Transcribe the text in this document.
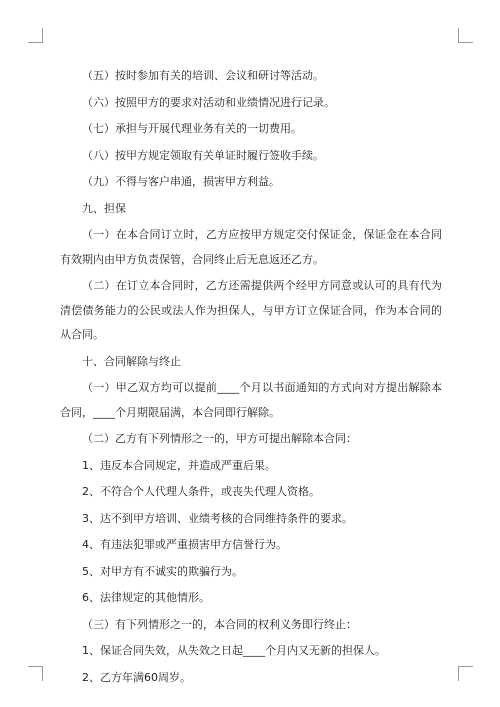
（五）按时参加有关的培训、会议和研讨等活动。

（六）按照甲方的要求对活动和业绩情况进行记录。

（七）承担与开展代理业务有关的一切费用。

（八）按甲方规定领取有关单证时履行签收手续。

（九）不得与客户串通，损害甲方利益。

九、担保

（一）在本合同订立时，乙方应按甲方规定交付保证金，保证金在本合同有效期内由甲方负责保管，合同终止后无息返还乙方。

（二）在订立本合同时，乙方还需提供两个经甲方同意或认可的具有代为清偿债务能力的公民或法人作为担保人，与甲方订立保证合同，作为本合同的从合同。

十、合同解除与终止

（一）甲乙双方均可以提前____个月以书面通知的方式向对方提出解除本合同，____个月期限届满，本合同即行解除。

（二）乙方有下列情形之一的，甲方可提出解除本合同：

1、违反本合同规定，并造成严重后果。

2、不符合个人代理人条件，或丧失代理人资格。

3、达不到甲方培训、业绩考核的合同维持条件的要求。

4、有违法犯罪或严重损害甲方信誉行为。

5、对甲方有不诚实的欺骗行为。

6、法律规定的其他情形。

（三）有下列情形之一的，本合同的权利义务即行终止：

1、保证合同失效，从失效之日起____个月内又无新的担保人。

2、乙方年满60周岁。
